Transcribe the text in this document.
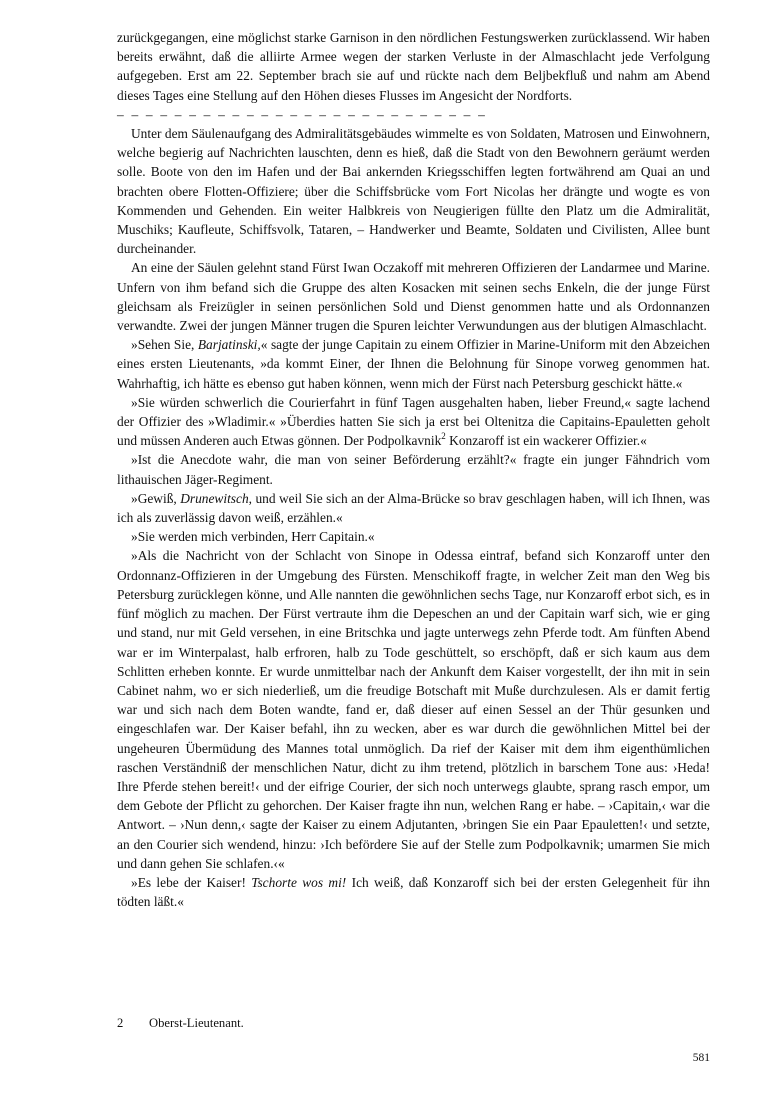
zurückgegangen, eine möglichst starke Garnison in den nördlichen Festungswerken zurücklassend. Wir haben bereits erwähnt, daß die alliirte Armee wegen der starken Verluste in der Almaschlacht jede Verfolgung aufgegeben. Erst am 22. September brach sie auf und rückte nach dem Beljbekfluß und nahm am Abend dieses Tages eine Stellung auf den Höhen dieses Flusses im Angesicht der Nordforts.

– – – – – – – – – – – – – – – – – – – – – – – – – –

Unter dem Säulenaufgang des Admiralitätsgebäudes wimmelte es von Soldaten, Matrosen und Einwohnern, welche begierig auf Nachrichten lauschten, denn es hieß, daß die Stadt von den Bewohnern geräumt werden solle. Boote von den im Hafen und der Bai ankernden Kriegsschiffen legten fortwährend am Quai an und brachten obere Flotten-Offiziere; über die Schiffsbrücke vom Fort Nicolas her drängte und wogte es von Kommenden und Gehenden. Ein weiter Halbkreis von Neugierigen füllte den Platz um die Admiralität, Muschiks; Kaufleute, Schiffsvolk, Tataren, – Handwerker und Beamte, Soldaten und Civilisten, Allee bunt durcheinander.

An eine der Säulen gelehnt stand Fürst Iwan Oczakoff mit mehreren Offizieren der Landarmee und Marine. Unfern von ihm befand sich die Gruppe des alten Kosacken mit seinen sechs Enkeln, die der junge Fürst gleichsam als Freizügler in seinen persönlichen Sold und Dienst genommen hatte und als Ordonnanzen verwandte. Zwei der jungen Männer trugen die Spuren leichter Verwundungen aus der blutigen Almaschlacht.

»Sehen Sie, Barjatinski,« sagte der junge Capitain zu einem Offizier in Marine-Uniform mit den Abzeichen eines ersten Lieutenants, »da kommt Einer, der Ihnen die Belohnung für Sinope vorweg genommen hat. Wahrhaftig, ich hätte es ebenso gut haben können, wenn mich der Fürst nach Petersburg geschickt hätte.«

»Sie würden schwerlich die Courierfahrt in fünf Tagen ausgehalten haben, lieber Freund,« sagte lachend der Offizier des »Wladimir.« »Überdies hatten Sie sich ja erst bei Oltenitza die Capitains-Epauletten geholt und müssen Anderen auch Etwas gönnen. Der Podpolkavnik$^2$ Konzaroff ist ein wackerer Offizier.«

»Ist die Anecdote wahr, die man von seiner Beförderung erzählt?« fragte ein junger Fähndrich vom lithauischen Jäger-Regiment.

»Gewiß, Drunewitsch, und weil Sie sich an der Alma-Brücke so brav geschlagen haben, will ich Ihnen, was ich als zuverlässig davon weiß, erzählen.«

»Sie werden mich verbinden, Herr Capitain.«

»Als die Nachricht von der Schlacht von Sinope in Odessa eintraf, befand sich Konzaroff unter den Ordonnanz-Offizieren in der Umgebung des Fürsten. Menschikoff fragte, in welcher Zeit man den Weg bis Petersburg zurücklegen könne, und Alle nannten die gewöhnlichen sechs Tage, nur Konzaroff erbot sich, es in fünf möglich zu machen. Der Fürst vertraute ihm die Depeschen an und der Capitain warf sich, wie er ging und stand, nur mit Geld versehen, in eine Britschka und jagte unterwegs zehn Pferde todt. Am fünften Abend war er im Winterpalast, halb erfroren, halb zu Tode geschüttelt, so erschöpft, daß er sich kaum aus dem Schlitten erheben konnte. Er wurde unmittelbar nach der Ankunft dem Kaiser vorgestellt, der ihn mit in sein Cabinet nahm, wo er sich niederließ, um die freudige Botschaft mit Muße durchzulesen. Als er damit fertig war und sich nach dem Boten wandte, fand er, daß dieser auf einen Sessel an der Thür gesunken und eingeschlafen war. Der Kaiser befahl, ihn zu wecken, aber es war durch die gewöhnlichen Mittel bei der ungeheuren Übermüdung des Mannes total unmöglich. Da rief der Kaiser mit dem ihm eigenthümlichen raschen Verständniß der menschlichen Natur, dicht zu ihm tretend, plötzlich in barschem Tone aus: ›Heda! Ihre Pferde stehen bereit!‹ und der eifrige Courier, der sich noch unterwegs glaubte, sprang rasch empor, um dem Gebote der Pflicht zu gehorchen. Der Kaiser fragte ihn nun, welchen Rang er habe. – ›Capitain,‹ war die Antwort. – ›Nun denn,‹ sagte der Kaiser zu einem Adjutanten, ›bringen Sie ein Paar Epauletten!‹ und setzte, an den Courier sich wendend, hinzu: ›Ich befördere Sie auf der Stelle zum Podpolkavnik; umarmen Sie mich und dann gehen Sie schlafen.‹«

»Es lebe der Kaiser! Tschorte wos mi! Ich weiß, daß Konzaroff sich bei der ersten Gelegenheit für ihn tödten läßt.«

2 Oberst-Lieutenant.
581
